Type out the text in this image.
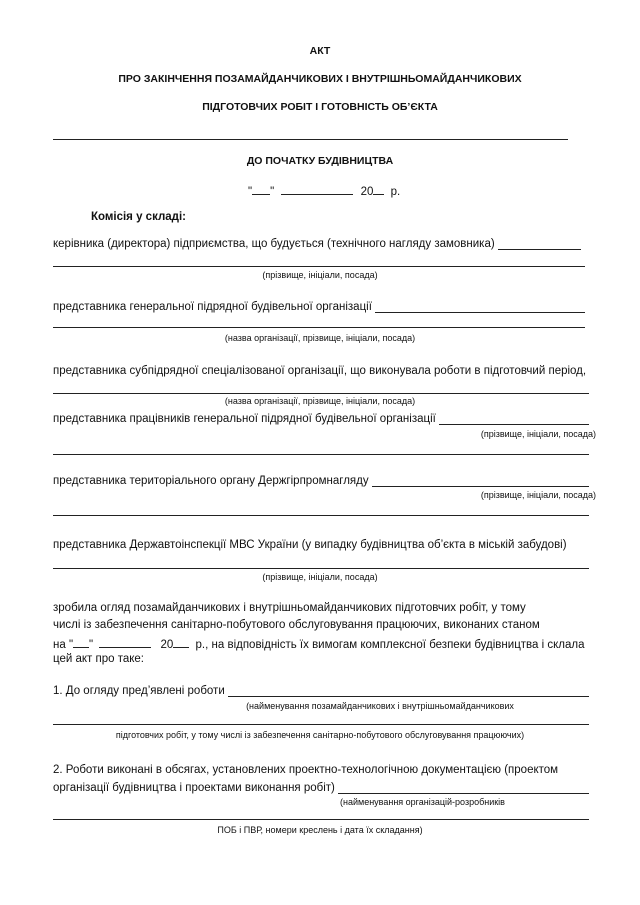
АКТ
ПРО ЗАКІНЧЕННЯ ПОЗАМАЙДАНЧИКОВИХ І ВНУТРІШНЬОМАЙДАНЧИКОВИХ
ПІДГОТОВЧИХ РОБІТ І ГОТОВНІСТЬ ОБ’ЄКТА
ДО ПОЧАТКУ БУДІВНИЦТВА
" "	20 р.
Комісія у складі:
керівника (директора) підприємства, що будується (технічного нагляду замовника)
(прізвище, ініціали, посада)
представника генеральної підрядної будівельної організації
(назва організації, прізвище, ініціали, посада)
представника субпідрядної спеціалізованої організації, що виконувала роботи в підготовчий період,
(назва організації, прізвище, ініціали, посада)
представника працівників генеральної підрядної будівельної організації
(прізвище, ініціали, посада)
представника територіального органу Держгірпромнагляду
(прізвище, ініціали, посада)
представника Державтоінспекції МВС України (у випадку будівництва об’єкта в міській забудові)
(прізвище, ініціали, посада)
зробила огляд позамайданчикових і внутрішньомайданчикових підготовчих робіт, у тому
числі із забезпечення санітарно-побутового обслуговування працюючих, виконаних станом
на " "	20 р., на відповідність їх вимогам комплексної безпеки будівництва і склала
цей акт про таке:
1. До огляду пред’явлені роботи
(найменування позамайданчикових і внутрішньомайданчикових
підготовчих робіт, у тому числі із забезпечення санітарно-побутового обслуговування працюючих)
2. Роботи виконані в обсягах, установлених проектно-технологічною документацією (проектом
організації будівництва і проектами виконання робіт)
(найменування організацій-розробників
ПОБ і ПВР, номери креслень і дата їх складання)
